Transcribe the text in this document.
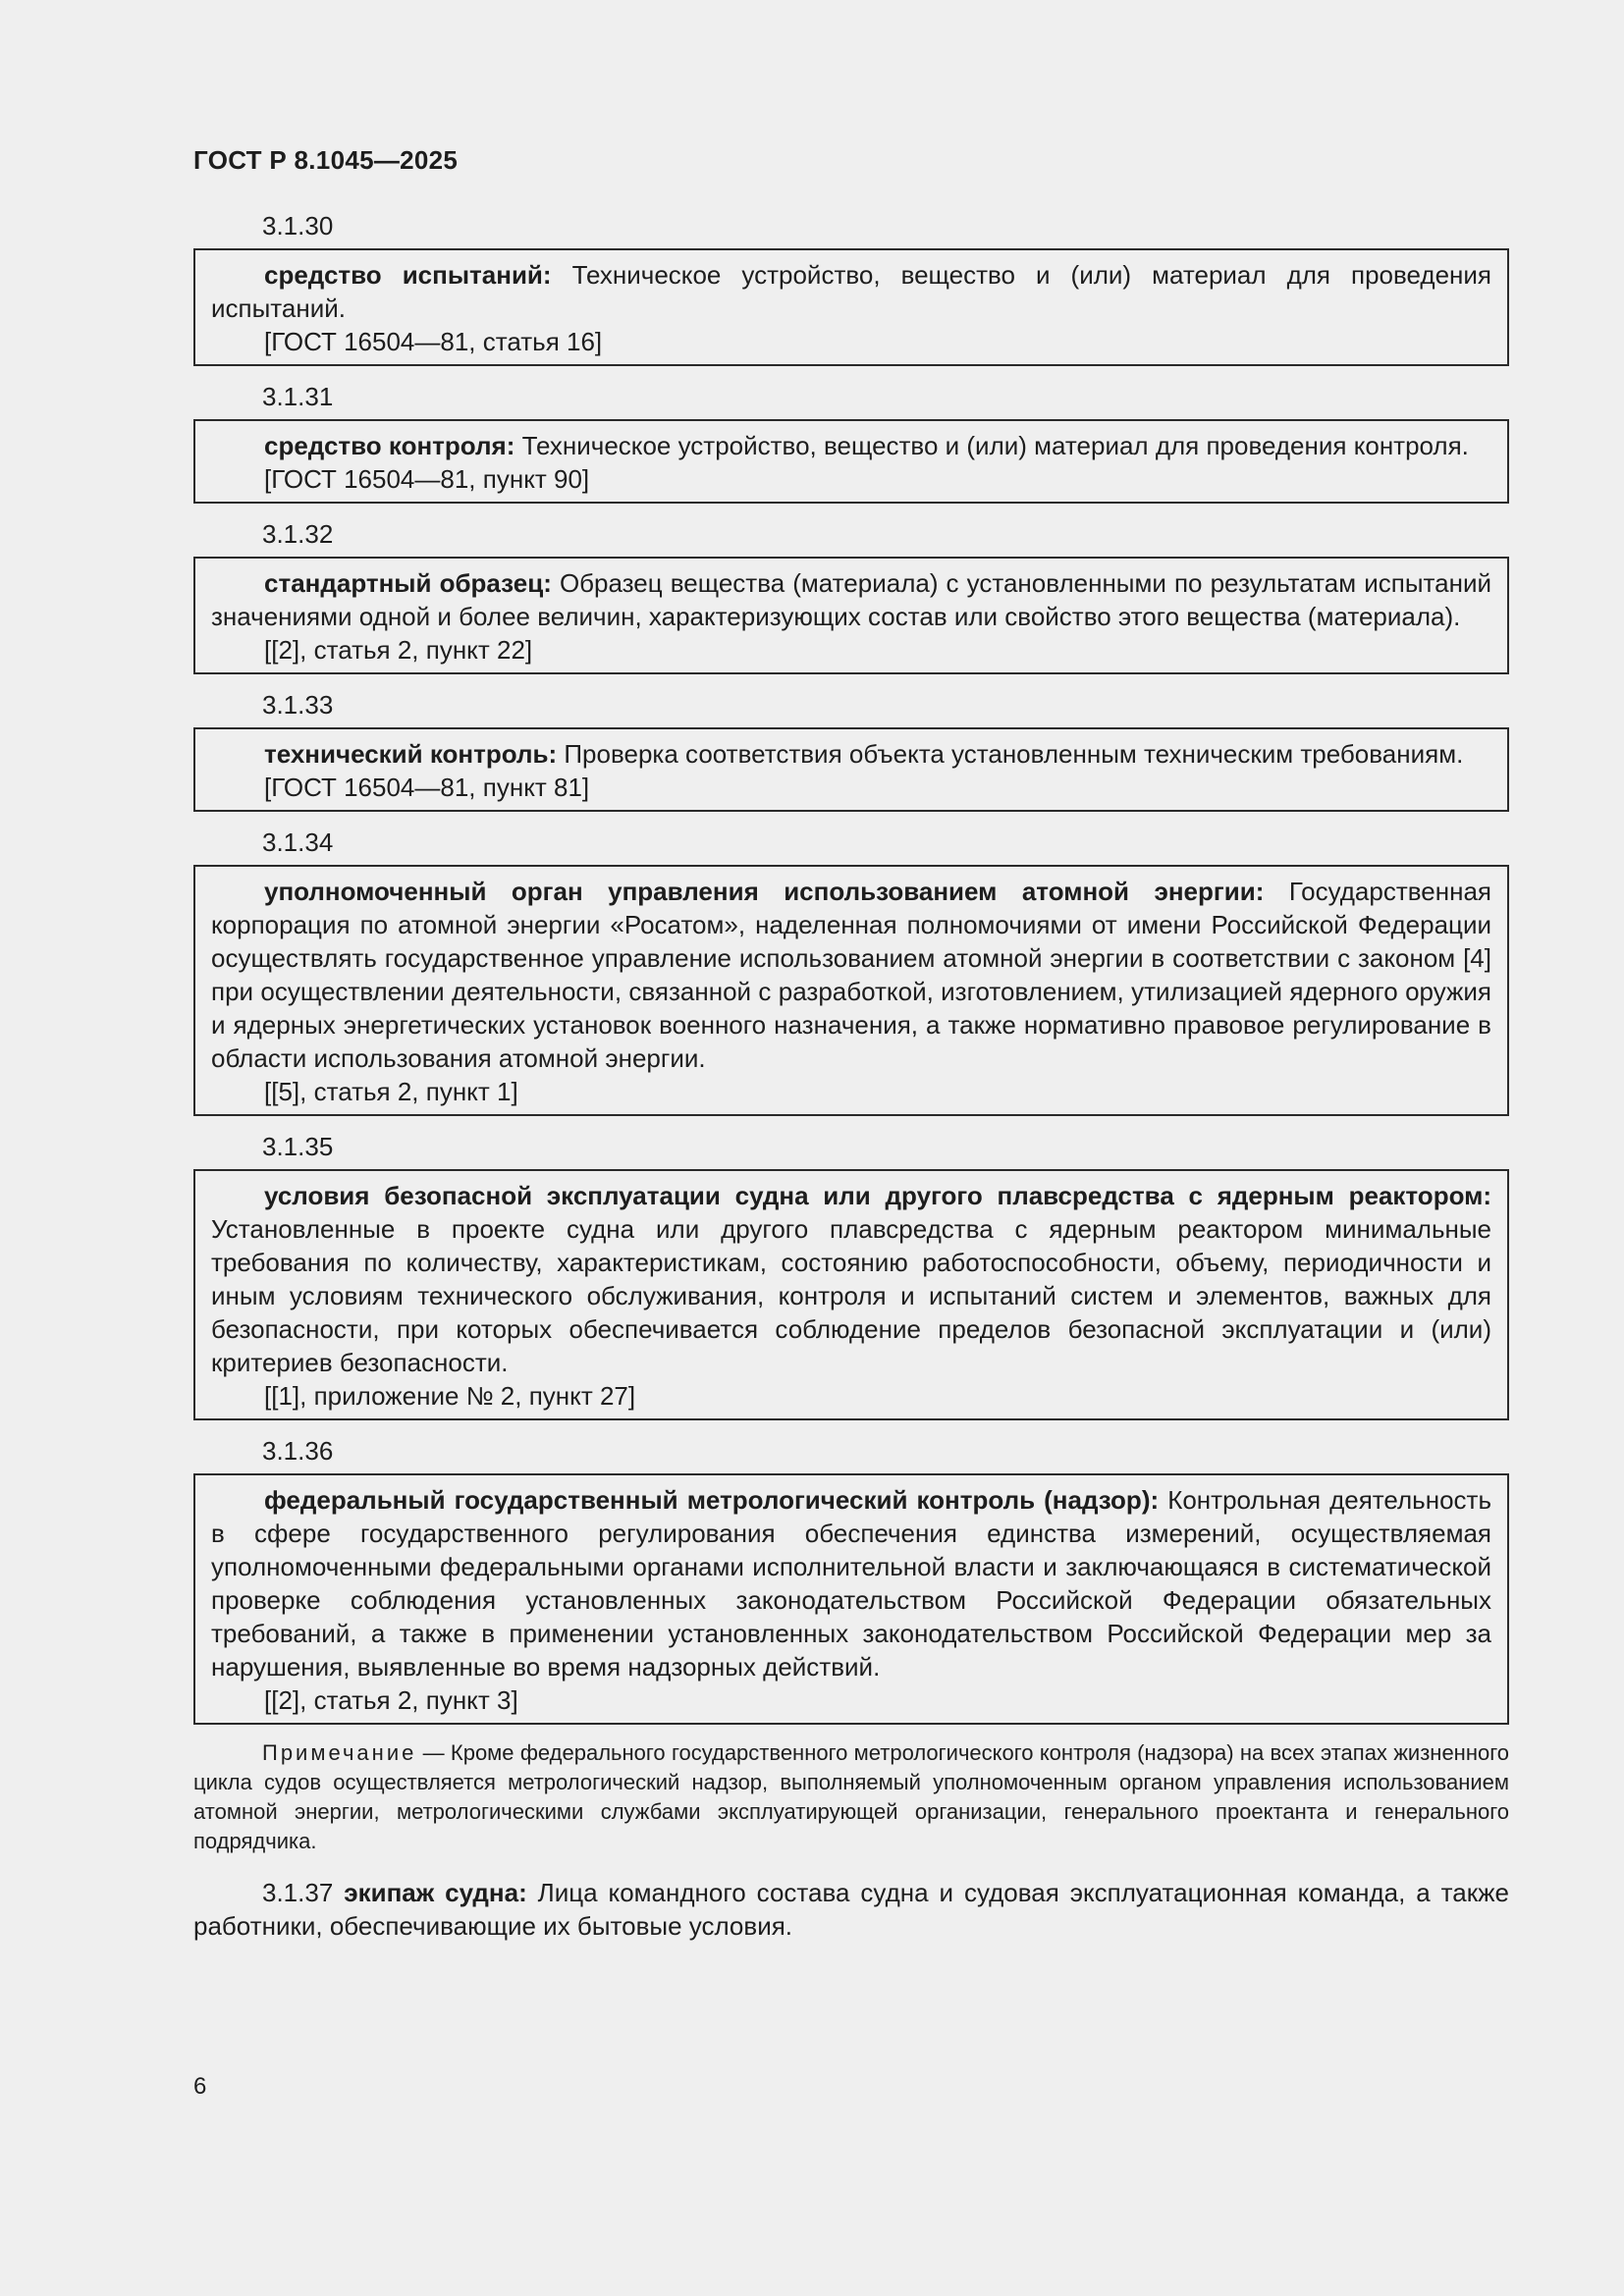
ГОСТ Р 8.1045—2025
3.1.30

средство испытаний: Техническое устройство, вещество и (или) материал для проведения испытаний.

[ГОСТ 16504—81, статья 16]

3.1.31

средство контроля: Техническое устройство, вещество и (или) материал для проведения контроля.

[ГОСТ 16504—81, пункт 90]

3.1.32

стандартный образец: Образец вещества (материала) с установленными по результатам испытаний значениями одной и более величин, характеризующих состав или свойство этого вещества (материала).

[[2], статья 2, пункт 22]

3.1.33

технический контроль: Проверка соответствия объекта установленным техническим требованиям.

[ГОСТ 16504—81, пункт 81]

3.1.34

уполномоченный орган управления использованием атомной энергии: Государственная корпорация по атомной энергии «Росатом», наделенная полномочиями от имени Российской Федерации осуществлять государственное управление использованием атомной энергии в соответствии с законом [4] при осуществлении деятельности, связанной с разработкой, изготовлением, утилизацией ядерного оружия и ядерных энергетических установок военного назначения, а также нормативно правовое регулирование в области использования атомной энергии.

[[5], статья 2, пункт 1]

3.1.35

условия безопасной эксплуатации судна или другого плавсредства с ядерным реактором: Установленные в проекте судна или другого плавсредства с ядерным реактором минимальные требования по количеству, характеристикам, состоянию работоспособности, объему, периодичности и иным условиям технического обслуживания, контроля и испытаний систем и элементов, важных для безопасности, при которых обеспечивается соблюдение пределов безопасной эксплуатации и (или) критериев безопасности.

[[1], приложение № 2, пункт 27]

3.1.36

федеральный государственный метрологический контроль (надзор): Контрольная деятельность в сфере государственного регулирования обеспечения единства измерений, осуществляемая уполномоченными федеральными органами исполнительной власти и заключающаяся в систематической проверке соблюдения установленных законодательством Российской Федерации обязательных требований, а также в применении установленных законодательством Российской Федерации мер за нарушения, выявленные во время надзорных действий.

[[2], статья 2, пункт 3]

Примечание — Кроме федерального государственного метрологического контроля (надзора) на всех этапах жизненного цикла судов осуществляется метрологический надзор, выполняемый уполномоченным органом управления использованием атомной энергии, метрологическими службами эксплуатирующей организации, генерального проектанта и генерального подрядчика.

3.1.37 экипаж судна: Лица командного состава судна и судовая эксплуатационная команда, а также работники, обеспечивающие их бытовые условия.

6
